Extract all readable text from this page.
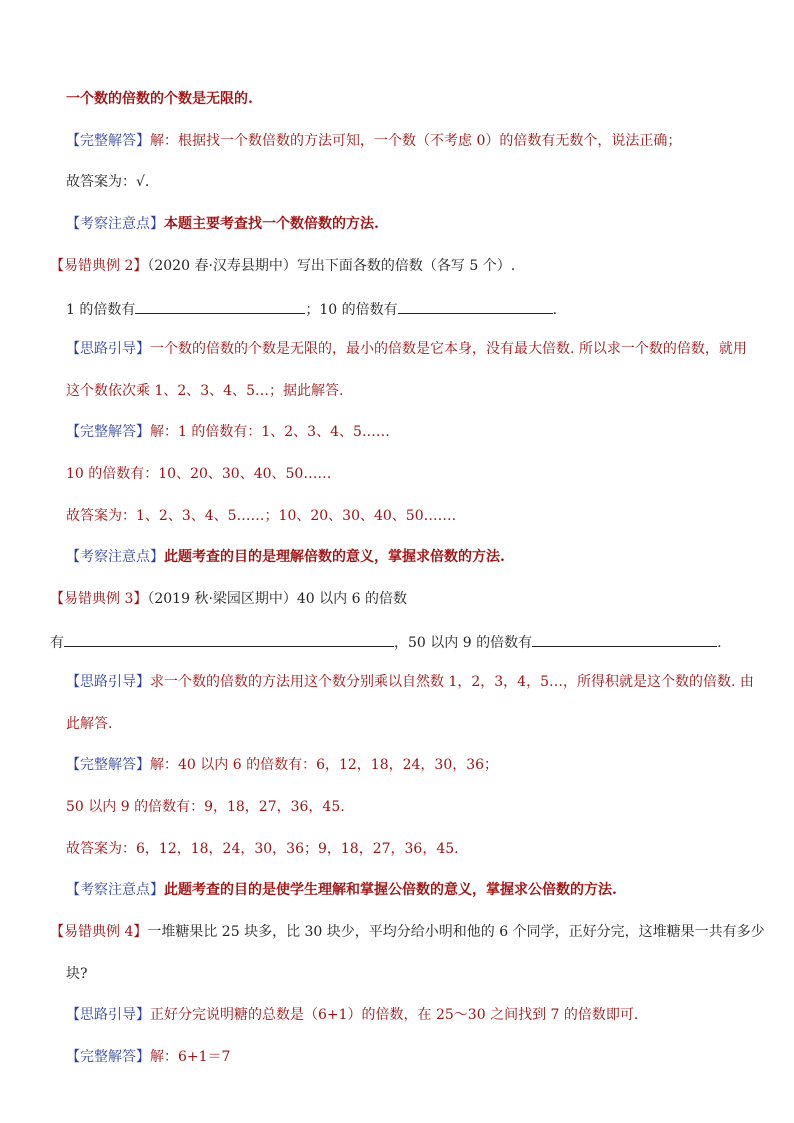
一个数的倍数的个数是无限的.
【完整解答】解：根据找一个数倍数的方法可知，一个数（不考虑 0）的倍数有无数个，说法正确；
故答案为：√.
【考察注意点】本题主要考查找一个数倍数的方法.
【易错典例 2】（2020 春·汉寿县期中）写出下面各数的倍数（各写 5 个）.
1 的倍数有	；10 的倍数有	.
【思路引导】一个数的倍数的个数是无限的，最小的倍数是它本身，没有最大倍数. 所以求一个数的倍数，就用
这个数依次乘 1、2、3、4、5…；据此解答.
【完整解答】解：1 的倍数有：1、2、3、4、5……
10 的倍数有：10、20、30、40、50……
故答案为：1、2、3、4、5……；10、20、30、40、50…….
【考察注意点】此题考查的目的是理解倍数的意义，掌握求倍数的方法.
【易错典例 3】（2019 秋·梁园区期中）40 以内 6 的倍数
有	，50 以内 9 的倍数有	.
【思路引导】求一个数的倍数的方法用这个数分别乘以自然数 1，2，3，4，5…，所得积就是这个数的倍数. 由
此解答.
【完整解答】解：40 以内 6 的倍数有：6，12，18，24，30，36；
50 以内 9 的倍数有：9，18，27，36，45.
故答案为：6，12，18，24，30，36；9，18，27，36，45.
【考察注意点】此题考查的目的是使学生理解和掌握公倍数的意义，掌握求公倍数的方法.
【易错典例 4】一堆糖果比 25 块多，比 30 块少，平均分给小明和他的 6 个同学，正好分完，这堆糖果一共有多少
块?
【思路引导】正好分完说明糖的总数是（6+1）的倍数，在 25～30 之间找到 7 的倍数即可.
【完整解答】解：6+1＝7
